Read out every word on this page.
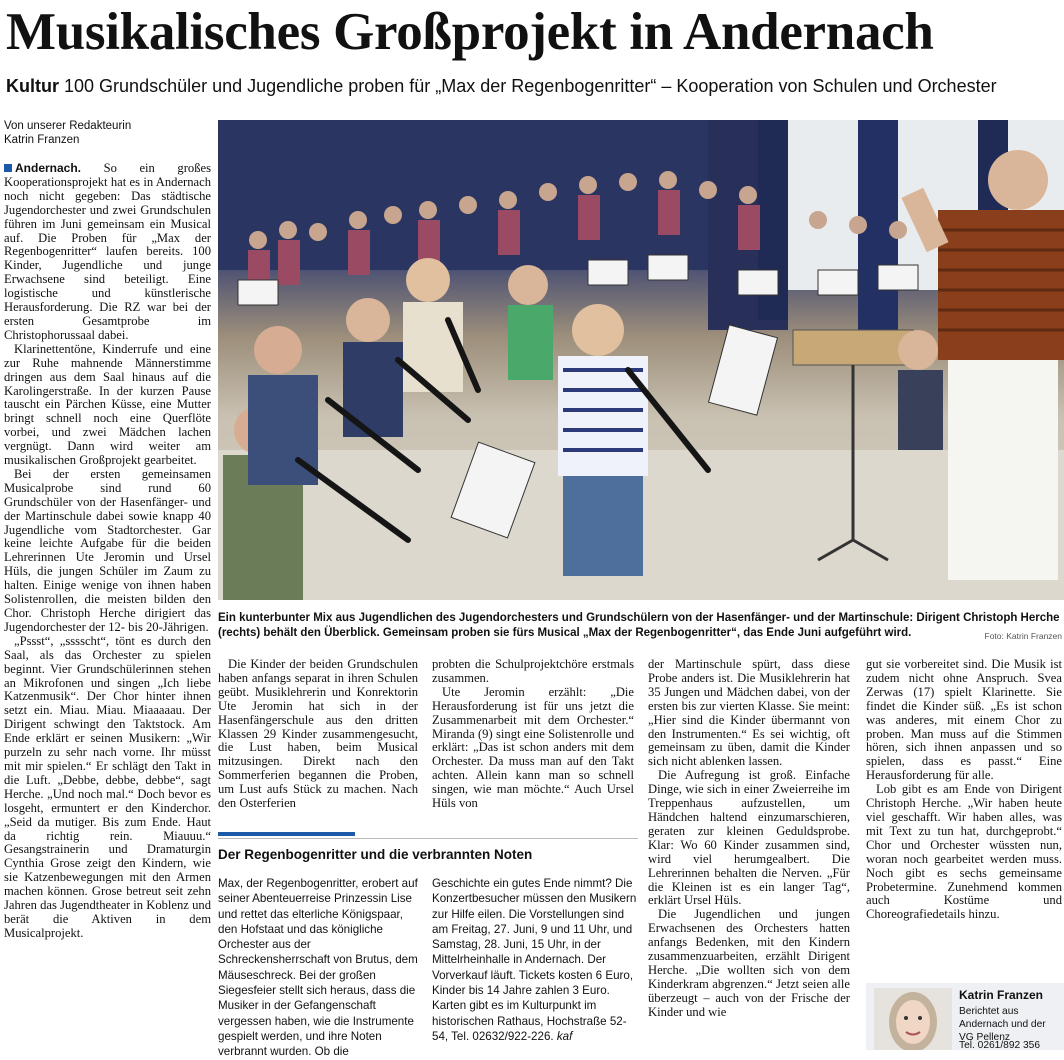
Musikalisches Großprojekt in Andernach
Kultur 100 Grundschüler und Jugendliche proben für „Max der Regenbogenritter“ – Kooperation von Schulen und Orchester
Von unserer Redakteurin
Katrin Franzen

Andernach. So ein großes Kooperationsprojekt hat es in Andernach noch nicht gegeben: Das städtische Jugendorchester und zwei Grundschulen führen im Juni gemeinsam ein Musical auf. Die Proben für „Max der Regenbogenritter“ laufen bereits. 100 Kinder, Jugendliche und junge Erwachsene sind beteiligt. Eine logistische und künstlerische Herausforderung. Die RZ war bei der ersten Gesamtprobe im Christophorussaal dabei.

Klarinettentöne, Kinderrufe und eine zur Ruhe mahnende Männerstimme dringen aus dem Saal hinaus auf die Karolingerstraße. In der kurzen Pause tauscht ein Pärchen Küsse, eine Mutter bringt schnell noch eine Querflöte vorbei, und zwei Mädchen lachen vergnügt. Dann wird weiter am musikalischen Großprojekt gearbeitet.

Bei der ersten gemeinsamen Musicalprobe sind rund 60 Grundschüler von der Hasenfänger- und der Martinschule dabei sowie knapp 40 Jugendliche vom Stadtorchester. Gar keine leichte Aufgabe für die beiden Lehrerinnen Ute Jeromin und Ursel Hüls, die jungen Schüler im Zaum zu halten. Einige wenige von ihnen haben Solistenrollen, die meisten bilden den Chor. Christoph Herche dirigiert das Jugendorchester der 12- bis 20-Jährigen.

„Pssst“, „sssscht“, tönt es durch den Saal, als das Orchester zu spielen beginnt. Vier Grundschülerinnen stehen an Mikrofonen und singen „Ich liebe Katzenmusik“. Der Chor hinter ihnen setzt ein. Miau. Miau. Miaaaaau. Der Dirigent schwingt den Taktstock. Am Ende erklärt er seinen Musikern: „Wir purzeln zu sehr nach vorne. Ihr müsst mit mir spielen.“ Er schlägt den Takt in die Luft. „Debbe, debbe, debbe“, sagt Herche. „Und noch mal.“ Doch bevor es losgeht, ermuntert er den Kinderchor. „Seid da mutiger. Bis zum Ende. Haut da richtig rein. Miauuu.“ Gesangstrainerin und Dramaturgin Cynthia Grose zeigt den Kindern, wie sie Katzenbewegungen mit den Armen machen können. Grose betreut seit zehn Jahren das Jugendtheater in Koblenz und berät die Aktiven in dem Musicalprojekt.

Ein kunterbunter Mix aus Jugendlichen des Jugendorchesters und Grundschülern von der Hasenfänger- und der Martinschule: Dirigent Christoph Herche (rechts) behält den Überblick. Gemeinsam proben sie fürs Musical „Max der Regenbogenritter“, das Ende Juni aufgeführt wird.	Foto: Katrin Franzen

Die Kinder der beiden Grundschulen haben anfangs separat in ihren Schulen geübt. Musiklehrerin und Konrektorin Ute Jeromin hat sich in der Hasenfängerschule aus den dritten Klassen 29 Kinder zusammengesucht, die Lust haben, beim Musical mitzusingen. Direkt nach den Sommerferien begannen die Proben, um Lust aufs Stück zu machen. Nach den Osterferien

probten die Schulprojektchöre erstmals zusammen.

Ute Jeromin erzählt: „Die Herausforderung ist für uns jetzt die Zusammenarbeit mit dem Orchester.“ Miranda (9) singt eine Solistenrolle und erklärt: „Das ist schon anders mit dem Orchester. Da muss man auf den Takt achten. Allein kann man so schnell singen, wie man möchte.“ Auch Ursel Hüls von

der Martinschule spürt, dass diese Probe anders ist. Die Musiklehrerin hat 35 Jungen und Mädchen dabei, von der ersten bis zur vierten Klasse. Sie meint: „Hier sind die Kinder übermannt von den Instrumenten.“ Es sei wichtig, oft gemeinsam zu üben, damit die Kinder sich nicht ablenken lassen.

Die Aufregung ist groß. Einfache Dinge, wie sich in einer Zweierreihe im Treppenhaus aufzustellen, um Händchen haltend einzumarschieren, geraten zur kleinen Geduldsprobe. Klar: Wo 60 Kinder zusammen sind, wird viel herumgealbert. Die Lehrerinnen behalten die Nerven. „Für die Kleinen ist es ein langer Tag“, erklärt Ursel Hüls.

Die Jugendlichen und jungen Erwachsenen des Orchesters hatten anfangs Bedenken, mit den Kindern zusammenzuarbeiten, erzählt Dirigent Herche. „Die wollten sich von dem Kinderkram abgrenzen.“ Jetzt seien alle überzeugt – auch von der Frische der Kinder und wie

gut sie vorbereitet sind. Die Musik ist zudem nicht ohne Anspruch. Svea Zerwas (17) spielt Klarinette. Sie findet die Kinder süß. „Es ist schon was anderes, mit einem Chor zu proben. Man muss auf die Stimmen hören, sich ihnen anpassen und so spielen, dass es passt.“ Eine Herausforderung für alle.

Lob gibt es am Ende von Dirigent Christoph Herche. „Wir haben heute viel geschafft. Wir haben alles, was mit Text zu tun hat, durchgeprobt.“ Chor und Orchester wüssten nun, woran noch gearbeitet werden muss. Noch gibt es sechs gemeinsame Probetermine. Zunehmend kommen auch Kostüme und Choreografiedetails hinzu.

Der Regenbogenritter und die verbrannten Noten
Max, der Regenbogenritter, erobert auf seiner Abenteuerreise Prinzessin Lise und rettet das elterliche Königspaar, den Hofstaat und das königliche Orchester aus der Schreckensherrschaft von Brutus, dem Mäuseschreck. Bei der großen Siegesfeier stellt sich heraus, dass die Musiker in der Gefangenschaft vergessen haben, wie die Instrumente gespielt werden, und ihre Noten verbrannt wurden. Ob die
Geschichte ein gutes Ende nimmt? Die Konzertbesucher müssen den Musikern zur Hilfe eilen. Die Vorstellungen sind am Freitag, 27. Juni, 9 und 11 Uhr, und Samstag, 28. Juni, 15 Uhr, in der Mittelrheinhalle in Andernach. Der Vorverkauf läuft. Tickets kosten 6 Euro, Kinder bis 14 Jahre zahlen 3 Euro. Karten gibt es im Kulturpunkt im historischen Rathaus, Hochstraße 52-54, Tel. 02632/922-226. kaf
Katrin Franzen
Berichtet aus Andernach und der VG Pellenz
Tel. 0261/892 356
